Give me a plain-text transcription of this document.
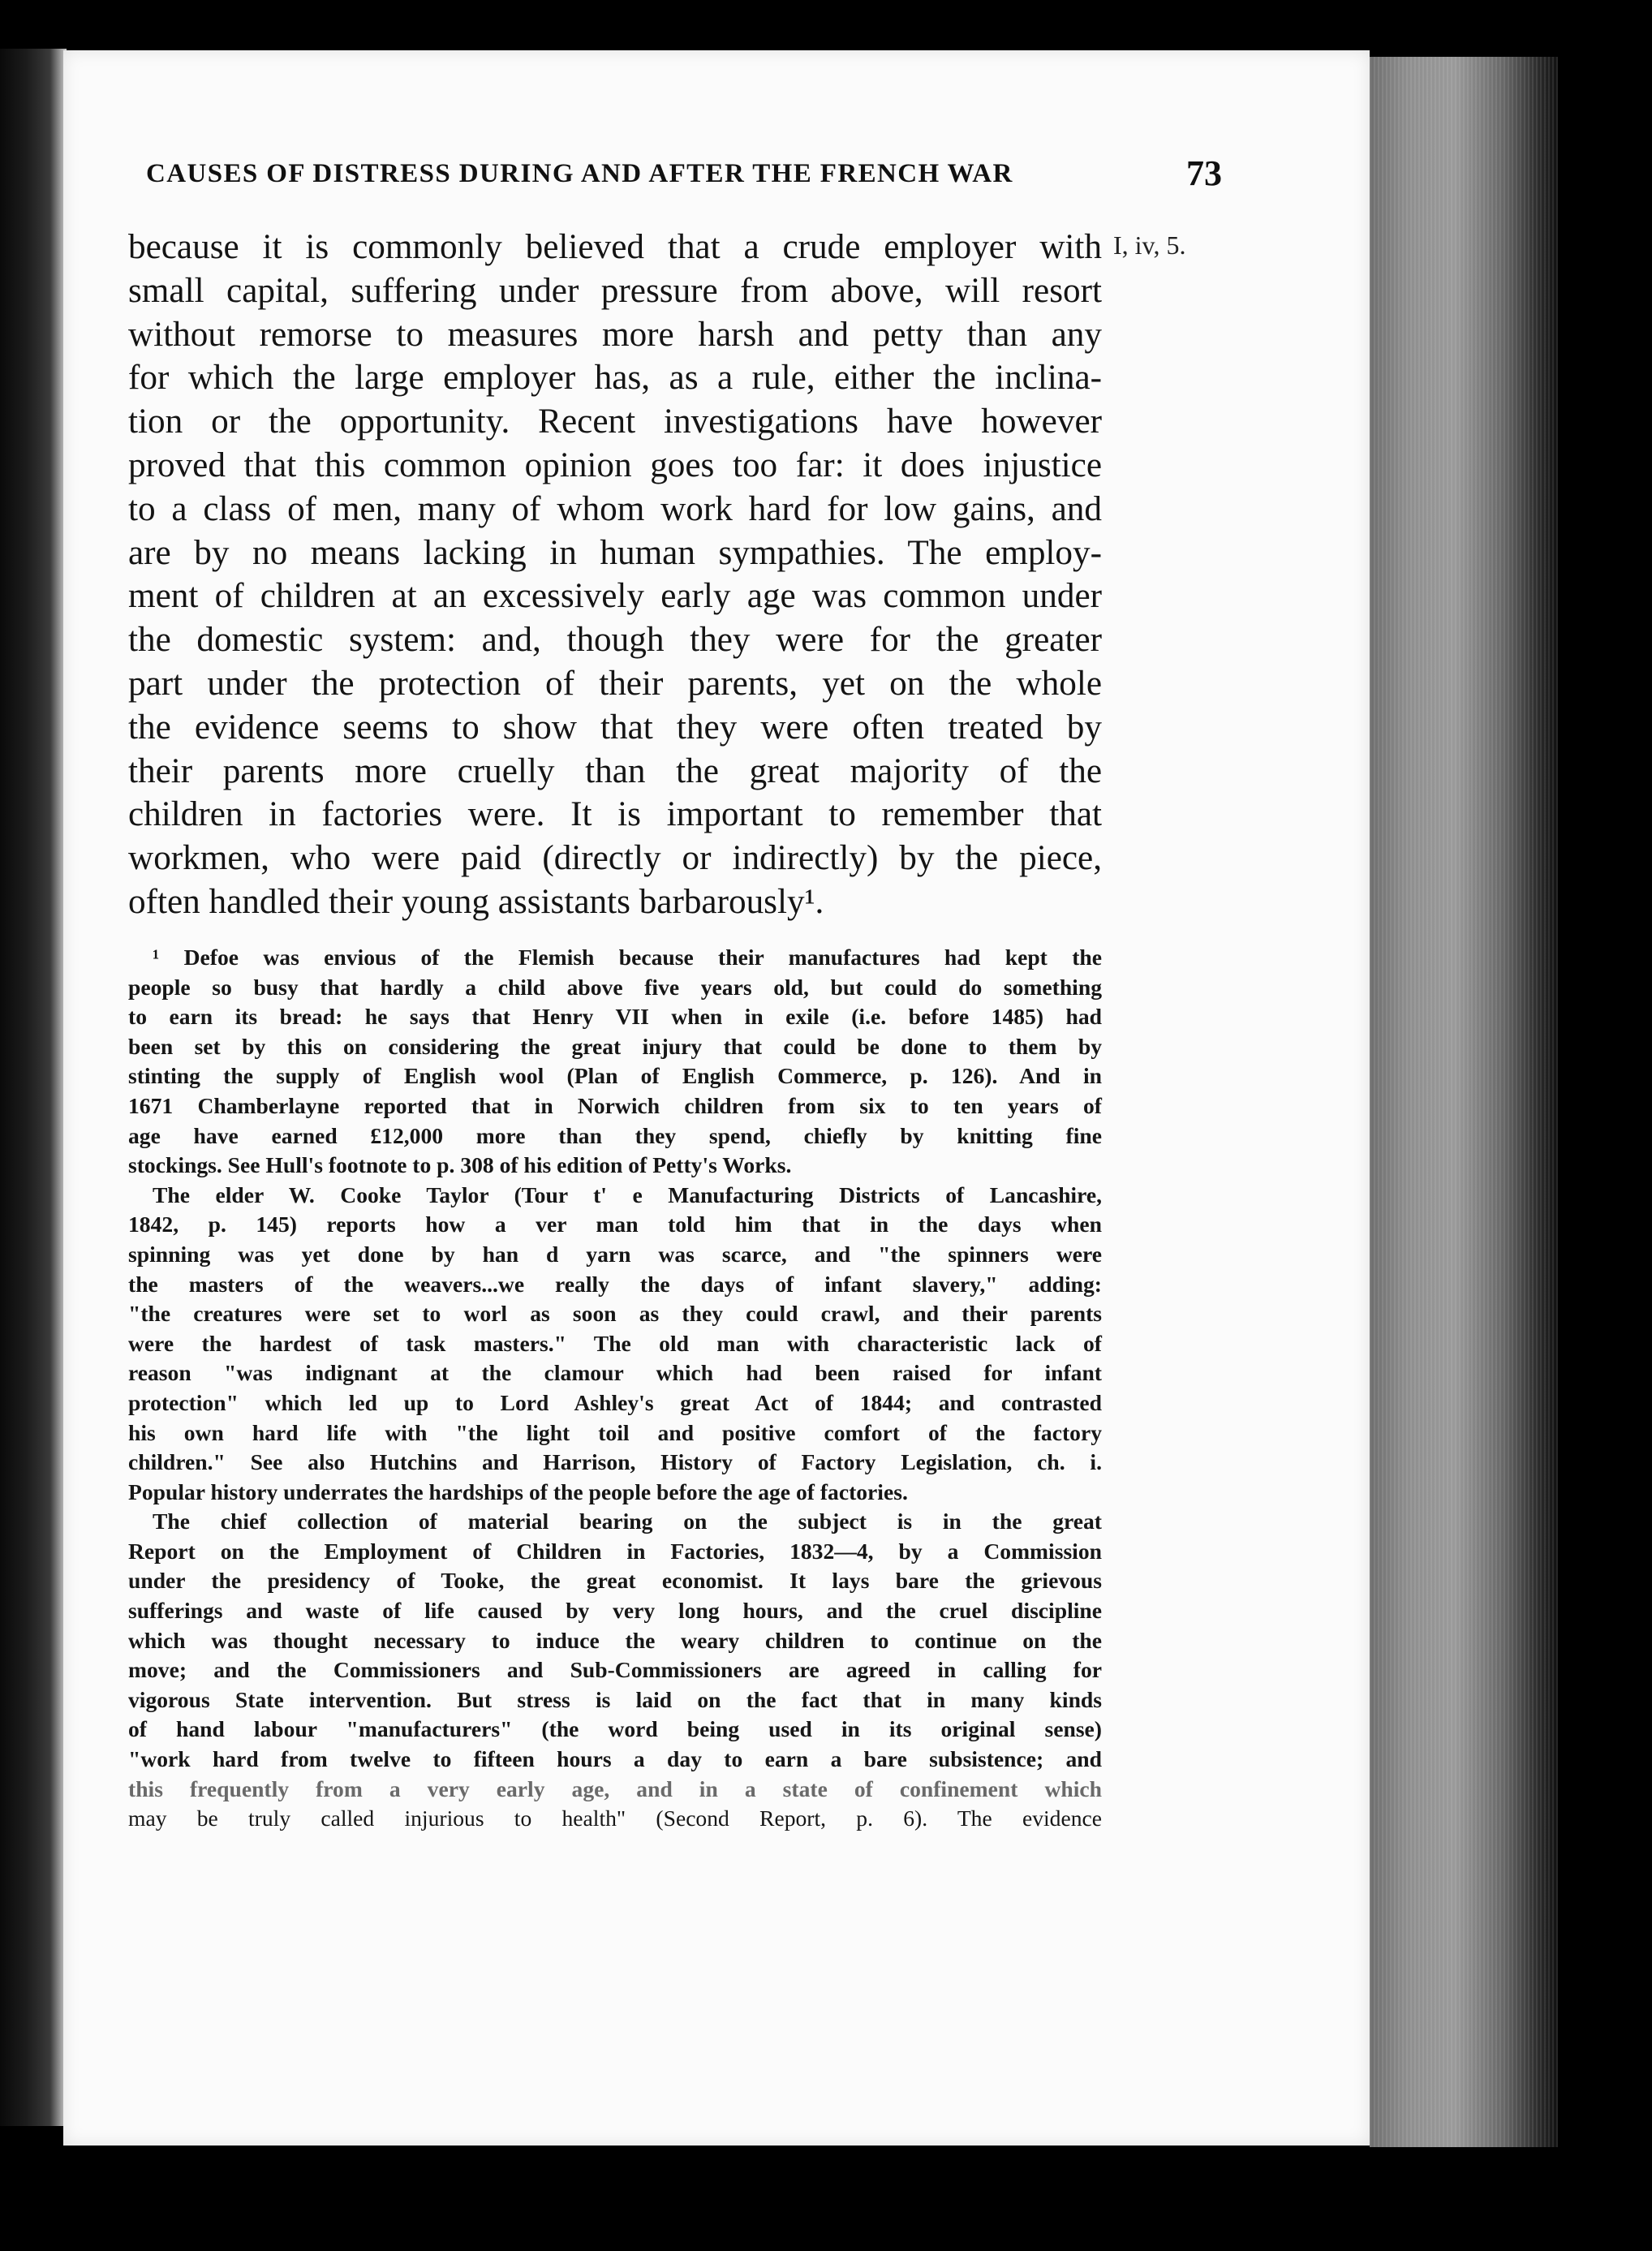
CAUSES OF DISTRESS DURING AND AFTER THE FRENCH WAR	73
I, iv, 5.
because it is commonly believed that a crude employer with
small capital, suffering under pressure from above, will resort
without remorse to measures more harsh and petty than any
for which the large employer has, as a rule, either the inclina-
tion or the opportunity. Recent investigations have however
proved that this common opinion goes too far: it does injustice
to a class of men, many of whom work hard for low gains, and
are by no means lacking in human sympathies. The employ-
ment of children at an excessively early age was common under
the domestic system: and, though they were for the greater
part under the protection of their parents, yet on the whole
the evidence seems to show that they were often treated by
their parents more cruelly than the great majority of the
children in factories were. It is important to remember that
workmen, who were paid (directly or indirectly) by the piece,
often handled their young assistants barbarously¹.
¹ Defoe was envious of the Flemish because their manufactures had kept the
people so busy that hardly a child above five years old, but could do something
to earn its bread: he says that Henry VII when in exile (i.e. before 1485) had
been set by this on considering the great injury that could be done to them by
stinting the supply of English wool (Plan of English Commerce, p. 126). And in
1671 Chamberlayne reported that in Norwich children from six to ten years of
age have earned £12,000 more than they spend, chiefly by knitting fine
stockings. See Hull's footnote to p. 308 of his edition of Petty's Works.
The elder W. Cooke Taylor (Tour t' e Manufacturing Districts of Lancashire,
1842, p. 145) reports how a ver man told him that in the days when
spinning was yet done by han d yarn was scarce, and "the spinners were
the masters of the weavers...we really the days of infant slavery," adding:
"the creatures were set to worl as soon as they could crawl, and their parents
were the hardest of task masters." The old man with characteristic lack of
reason "was indignant at the clamour which had been raised for infant
protection" which led up to Lord Ashley's great Act of 1844; and contrasted
his own hard life with "the light toil and positive comfort of the factory
children." See also Hutchins and Harrison, History of Factory Legislation, ch. i.
Popular history underrates the hardships of the people before the age of factories.
The chief collection of material bearing on the subject is in the great
Report on the Employment of Children in Factories, 1832—4, by a Commission
under the presidency of Tooke, the great economist. It lays bare the grievous
sufferings and waste of life caused by very long hours, and the cruel discipline
which was thought necessary to induce the weary children to continue on the
move; and the Commissioners and Sub-Commissioners are agreed in calling for
vigorous State intervention. But stress is laid on the fact that in many kinds
of hand labour "manufacturers" (the word being used in its original sense)
"work hard from twelve to fifteen hours a day to earn a bare subsistence; and
this frequently from a very early age, and in a state of confinement which
may be truly called injurious to health" (Second Report, p. 6). The evidence
